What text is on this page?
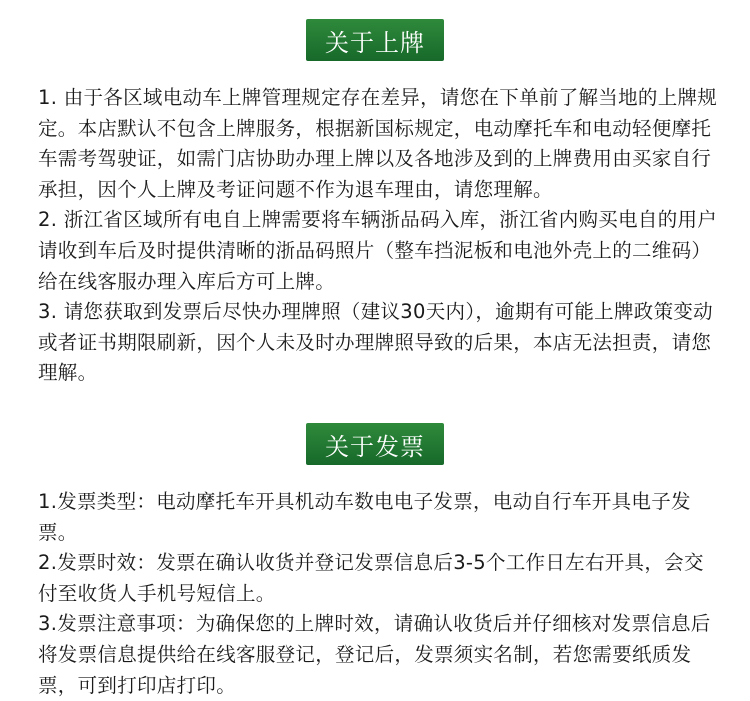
关于上牌

1. 由于各区域电动车上牌管理规定存在差异，请您在下单前了解当地的上牌规定。本店默认不包含上牌服务，根据新国标规定，电动摩托车和电动轻便摩托车需考驾驶证，如需门店协助办理上牌以及各地涉及到的上牌费用由买家自行承担，因个人上牌及考证问题不作为退车理由，请您理解。

2. 浙江省区域所有电自上牌需要将车辆浙品码入库，浙江省内购买电自的用户请收到车后及时提供清晰的浙品码照片（整车挡泥板和电池外壳上的二维码）给在线客服办理入库后方可上牌。

3. 请您获取到发票后尽快办理牌照（建议30天内），逾期有可能上牌政策变动或者证书期限刷新，因个人未及时办理牌照导致的后果，本店无法担责，请您理解。

关于发票

1.发票类型：电动摩托车开具机动车数电电子发票，电动自行车开具电子发票。

2.发票时效：发票在确认收货并登记发票信息后3-5个工作日左右开具，会交付至收货人手机号短信上。

3.发票注意事项：为确保您的上牌时效，请确认收货后并仔细核对发票信息后将发票信息提供给在线客服登记，登记后，发票须实名制，若您需要纸质发票，可到打印店打印。
